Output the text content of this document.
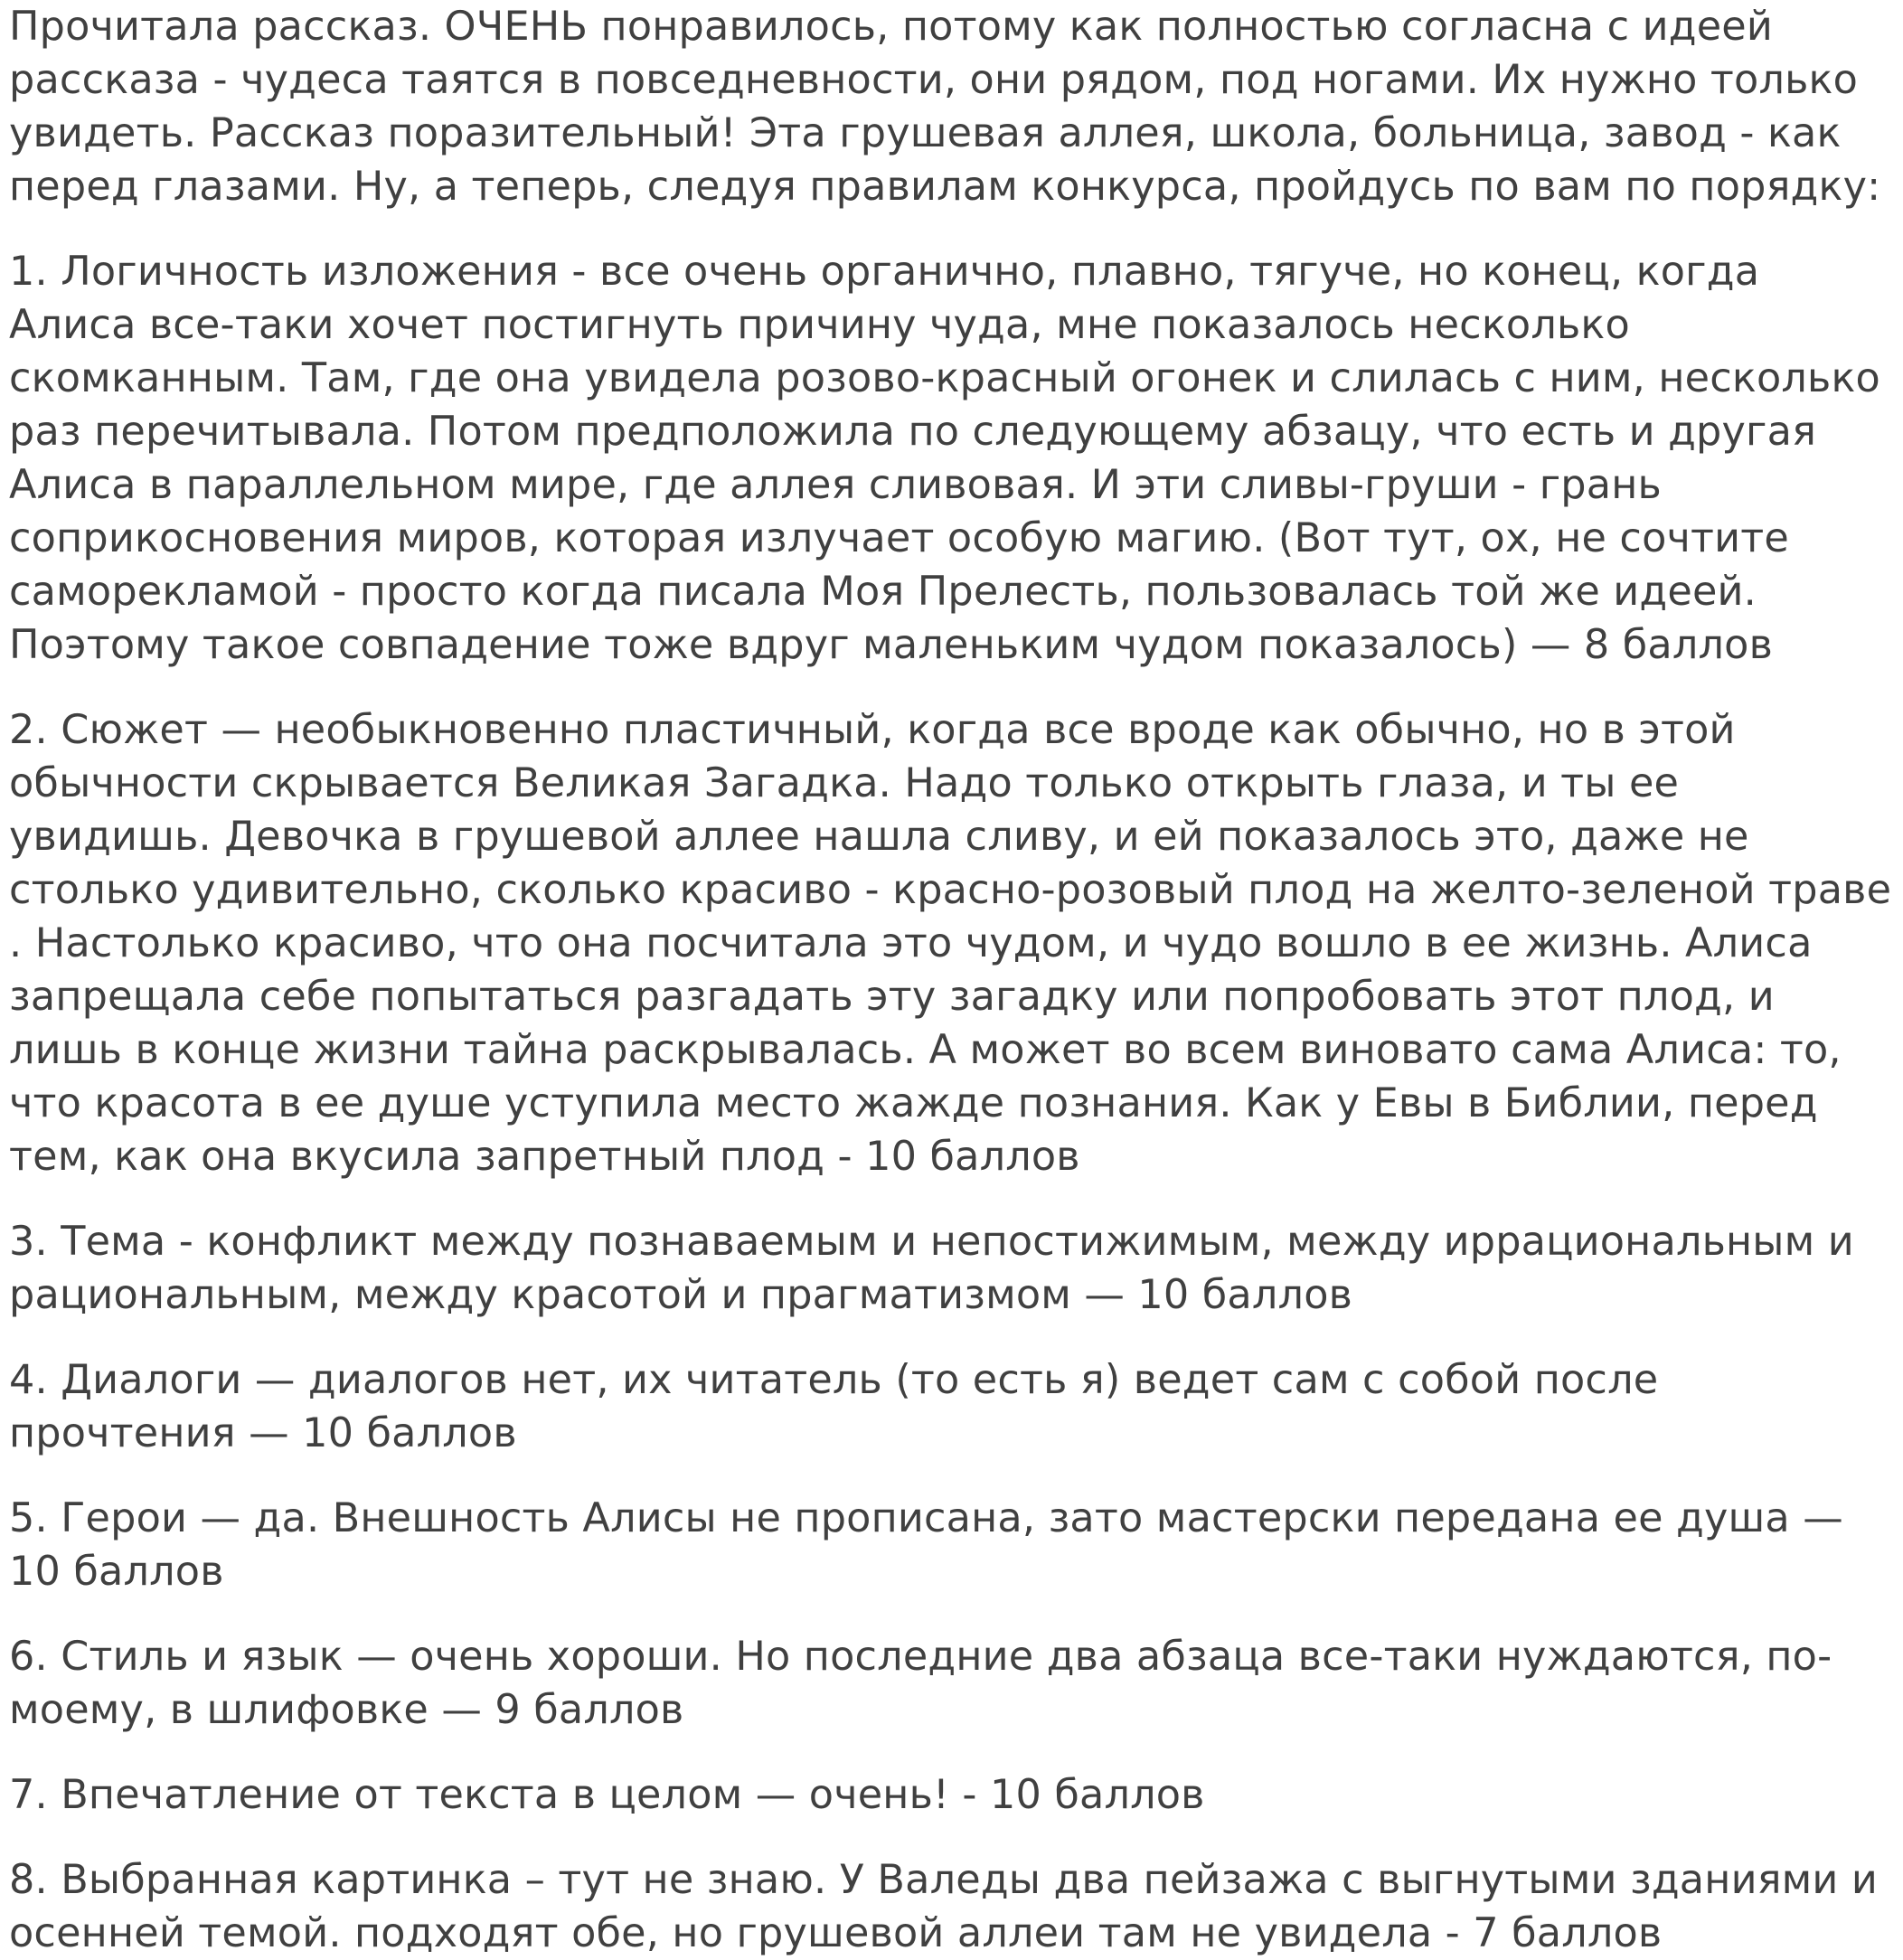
Прочитала рассказ. ОЧЕНЬ понравилось, потому как полностью согласна с идеей рассказа - чудеса таятся в повседневности, они рядом, под ногами. Их нужно только увидеть. Рассказ поразительный! Эта грушевая аллея, школа, больница, завод - как перед глазами. Ну, а теперь, следуя правилам конкурса, пройдусь по вам по порядку:

1. Логичность изложения - все очень органично, плавно, тягуче, но конец, когда Алиса все-таки хочет постигнуть причину чуда, мне показалось несколько скомканным. Там, где она увидела розово-красный огонек и слилась с ним, несколько раз перечитывала. Потом предположила по следующему абзацу, что есть и другая Алиса в параллельном мире, где аллея сливовая. И эти сливы-груши - грань соприкосновения миров, которая излучает особую магию. (Вот тут, ох, не сочтите саморекламой - просто когда писала Моя Прелесть, пользовалась той же идеей. Поэтому такое совпадение тоже вдруг маленьким чудом показалось) — 8 баллов

2. Сюжет — необыкновенно пластичный, когда все вроде как обычно, но в этой обычности скрывается Великая Загадка. Надо только открыть глаза, и ты ее увидишь. Девочка в грушевой аллее нашла сливу, и ей показалось это, даже не столько удивительно, сколько красиво - красно-розовый плод на желто-зеленой траве . Настолько красиво, что она посчитала это чудом, и чудо вошло в ее жизнь. Алиса запрещала себе попытаться разгадать эту загадку или попробовать этот плод, и лишь в конце жизни тайна раскрывалась. А может во всем виновато сама Алиса: то, что красота в ее душе уступила место жажде познания. Как у Евы в Библии, перед тем, как она вкусила запретный плод - 10 баллов

3. Тема - конфликт между познаваемым и непостижимым, между иррациональным и рациональным, между красотой и прагматизмом — 10 баллов

4. Диалоги — диалогов нет, их читатель (то есть я) ведет сам с собой после прочтения — 10 баллов

5. Герои — да. Внешность Алисы не прописана, зато мастерски передана ее душа — 10 баллов

6. Стиль и язык — очень хороши. Но последние два абзаца все-таки нуждаются, по-моему, в шлифовке — 9 баллов

7. Впечатление от текста в целом — очень! - 10 баллов

8. Выбранная картинка – тут не знаю. У Валеды два пейзажа с выгнутыми зданиями и осенней темой. подходят обе, но грушевой аллеи там не увидела - 7 баллов
